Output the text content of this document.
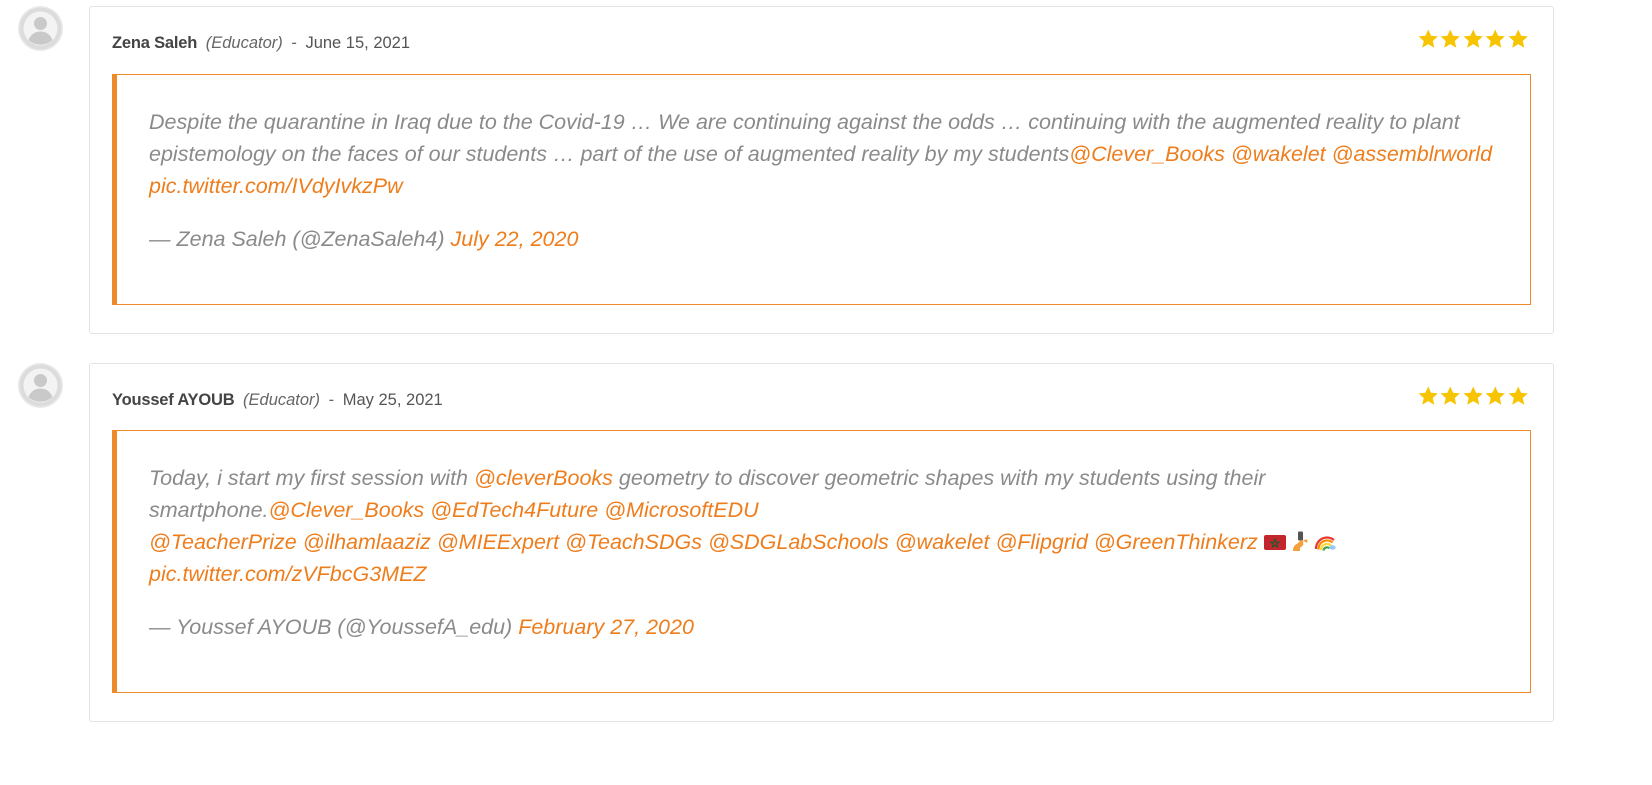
Zena Saleh (Educator) - June 15, 2021

Despite the quarantine in Iraq due to the Covid-19 … We are continuing against the odds … continuing with the augmented reality to plant
epistemology on the faces of our students … part of the use of augmented reality by my students@Clever_Books @wakelet @assemblrworld
pic.twitter.com/IVdyIvkzPw

— Zena Saleh (@ZenaSaleh4) July 22, 2020

Youssef AYOUB (Educator) - May 25, 2021

Today, i start my first session with @cleverBooks geometry to discover geometric shapes with my students using their
smartphone.@Clever_Books @EdTech4Future @MicrosoftEDU
@TeacherPrize @ilhamlaaziz @MIEExpert @TeachSDGs @SDGLabSchools @wakelet @Flipgrid @GreenThinkerz
pic.twitter.com/zVFbcG3MEZ

— Youssef AYOUB (@YoussefA_edu) February 27, 2020
